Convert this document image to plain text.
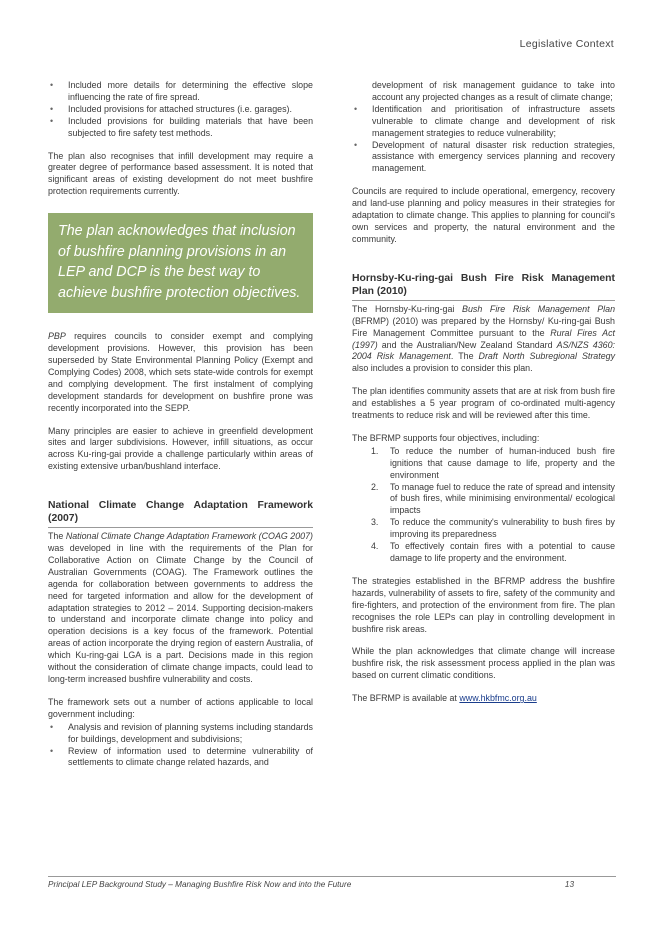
Legislative Context
• Included more details for determining the effective slope influencing the rate of fire spread.
• Included provisions for attached structures (i.e. garages).
• Included provisions for building materials that have been subjected to fire safety test methods.

The plan also recognises that infill development may require a greater degree of performance based assessment. It is noted that significant areas of existing development do not meet bushfire protection requirements currently.

The plan acknowledges that inclusion of bushfire planning provisions in an LEP and DCP is the best way to achieve bushfire protection objectives.

PBP requires councils to consider exempt and complying development provisions. However, this provision has been superseded by State Environmental Planning Policy (Exempt and Complying Codes) 2008, which sets state-wide controls for exempt and complying development. The first instalment of complying development standards for development on bushfire prone was recently incorporated into the SEPP.

Many principles are easier to achieve in greenfield development sites and larger subdivisions. However, infill situations, as occur across Ku-ring-gai provide a challenge particularly within areas of existing extensive urban/bushland interface.

National Climate Change Adaptation Framework (2007)

The National Climate Change Adaptation Framework (COAG 2007) was developed in line with the requirements of the Plan for Collaborative Action on Climate Change by the Council of Australian Governments (COAG). The Framework outlines the agenda for collaboration between governments to address the need for targeted information and allow for the development of adaptation strategies to 2012 – 2014. Supporting decision-makers to understand and incorporate climate change into policy and operation decisions is a key focus of the framework. Potential areas of action incorporate the drying region of eastern Australia, of which Ku-ring-gai LGA is a part. Decisions made in this region without the consideration of climate change impacts, could lead to long-term increased bushfire vulnerability and costs.

The framework sets out a number of actions applicable to local government including:

• Analysis and revision of planning systems including standards for buildings, development and subdivisions;
• Review of information used to determine vulnerability of settlements to climate change related hazards, and

development of risk management guidance to take into account any projected changes as a result of climate change;

• Identification and prioritisation of infrastructure assets vulnerable to climate change and development of risk management strategies to reduce vulnerability;
• Development of natural disaster risk reduction strategies, assistance with emergency services planning and recovery management.

Councils are required to include operational, emergency, recovery and land-use planning and policy measures in their strategies for adaptation to climate change. This applies to planning for council's own services and property, the natural environment and the community.

Hornsby-Ku-ring-gai Bush Fire Risk Management Plan (2010)

The Hornsby-Ku-ring-gai Bush Fire Risk Management Plan (BFRMP) (2010) was prepared by the Hornsby/ Ku-ring-gai Bush Fire Management Committee pursuant to the Rural Fires Act (1997) and the Australian/New Zealand Standard AS/NZS 4360: 2004 Risk Management. The Draft North Subregional Strategy also includes a provision to consider this plan.

The plan identifies community assets that are at risk from bush fire and establishes a 5 year program of co-ordinated multi-agency treatments to reduce risk and will be reviewed after this time.

The BFRMP supports four objectives, including:

1. To reduce the number of human-induced bush fire ignitions that cause damage to life, property and the environment
2. To manage fuel to reduce the rate of spread and intensity of bush fires, while minimising environmental/ ecological impacts
3. To reduce the community's vulnerability to bush fires by improving its preparedness
4. To effectively contain fires with a potential to cause damage to life property and the environment.

The strategies established in the BFRMP address the bushfire hazards, vulnerability of assets to fire, safety of the community and fire-fighters, and protection of the environment from fire. The plan recognises the role LEPs can play in controlling development in bushfire risk areas.

While the plan acknowledges that climate change will increase bushfire risk, the risk assessment process applied in the plan was based on current climatic conditions.

The BFRMP is available at www.hkbfmc.org.au

Principal LEP Background Study – Managing Bushfire Risk Now and into the Future	13
